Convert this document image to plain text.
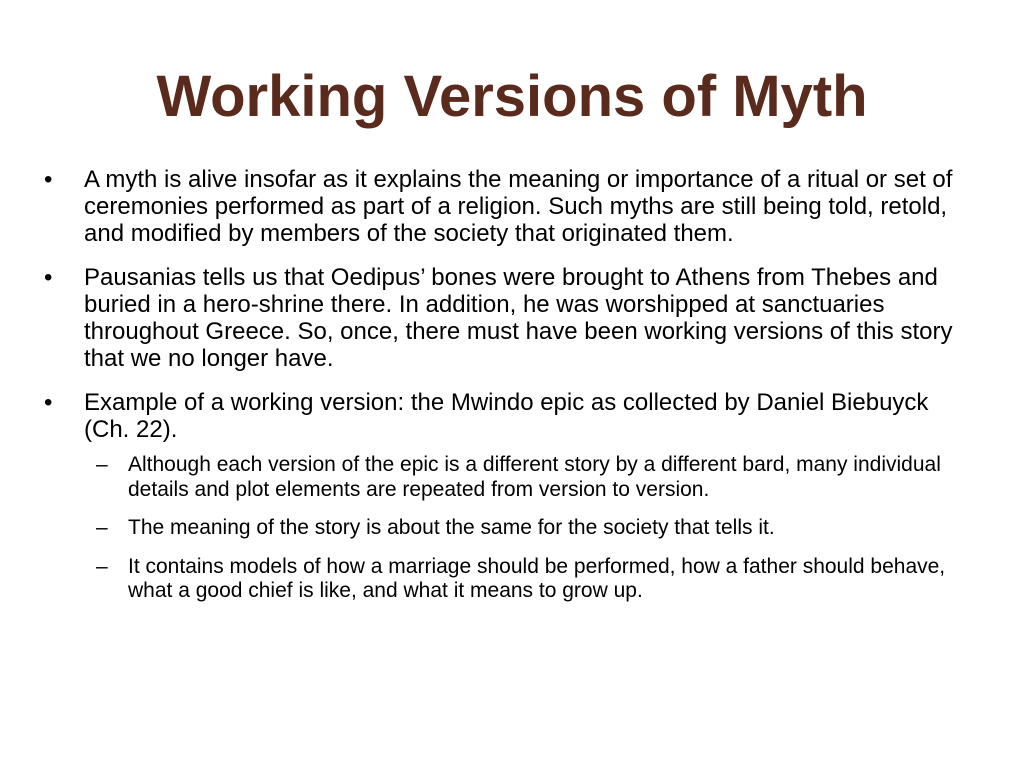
Working Versions of Myth
•	A myth is alive insofar as it explains the meaning or importance of a ritual or set of ceremonies performed as part of a religion. Such myths are still being told, retold, and modified by members of the society that originated them.
•	Pausanias tells us that Oedipus’ bones were brought to Athens from Thebes and buried in a hero-shrine there. In addition, he was worshipped at sanctuaries throughout Greece. So, once, there must have been working versions of this story that we no longer have.
•	Example of a working version: the Mwindo epic as collected by Daniel Biebuyck (Ch. 22).
– Although each version of the epic is a different story by a different bard, many individual details and plot elements are repeated from version to version.
– The meaning of the story is about the same for the society that tells it.
– It contains models of how a marriage should be performed, how a father should behave, what a good chief is like, and what it means to grow up.
